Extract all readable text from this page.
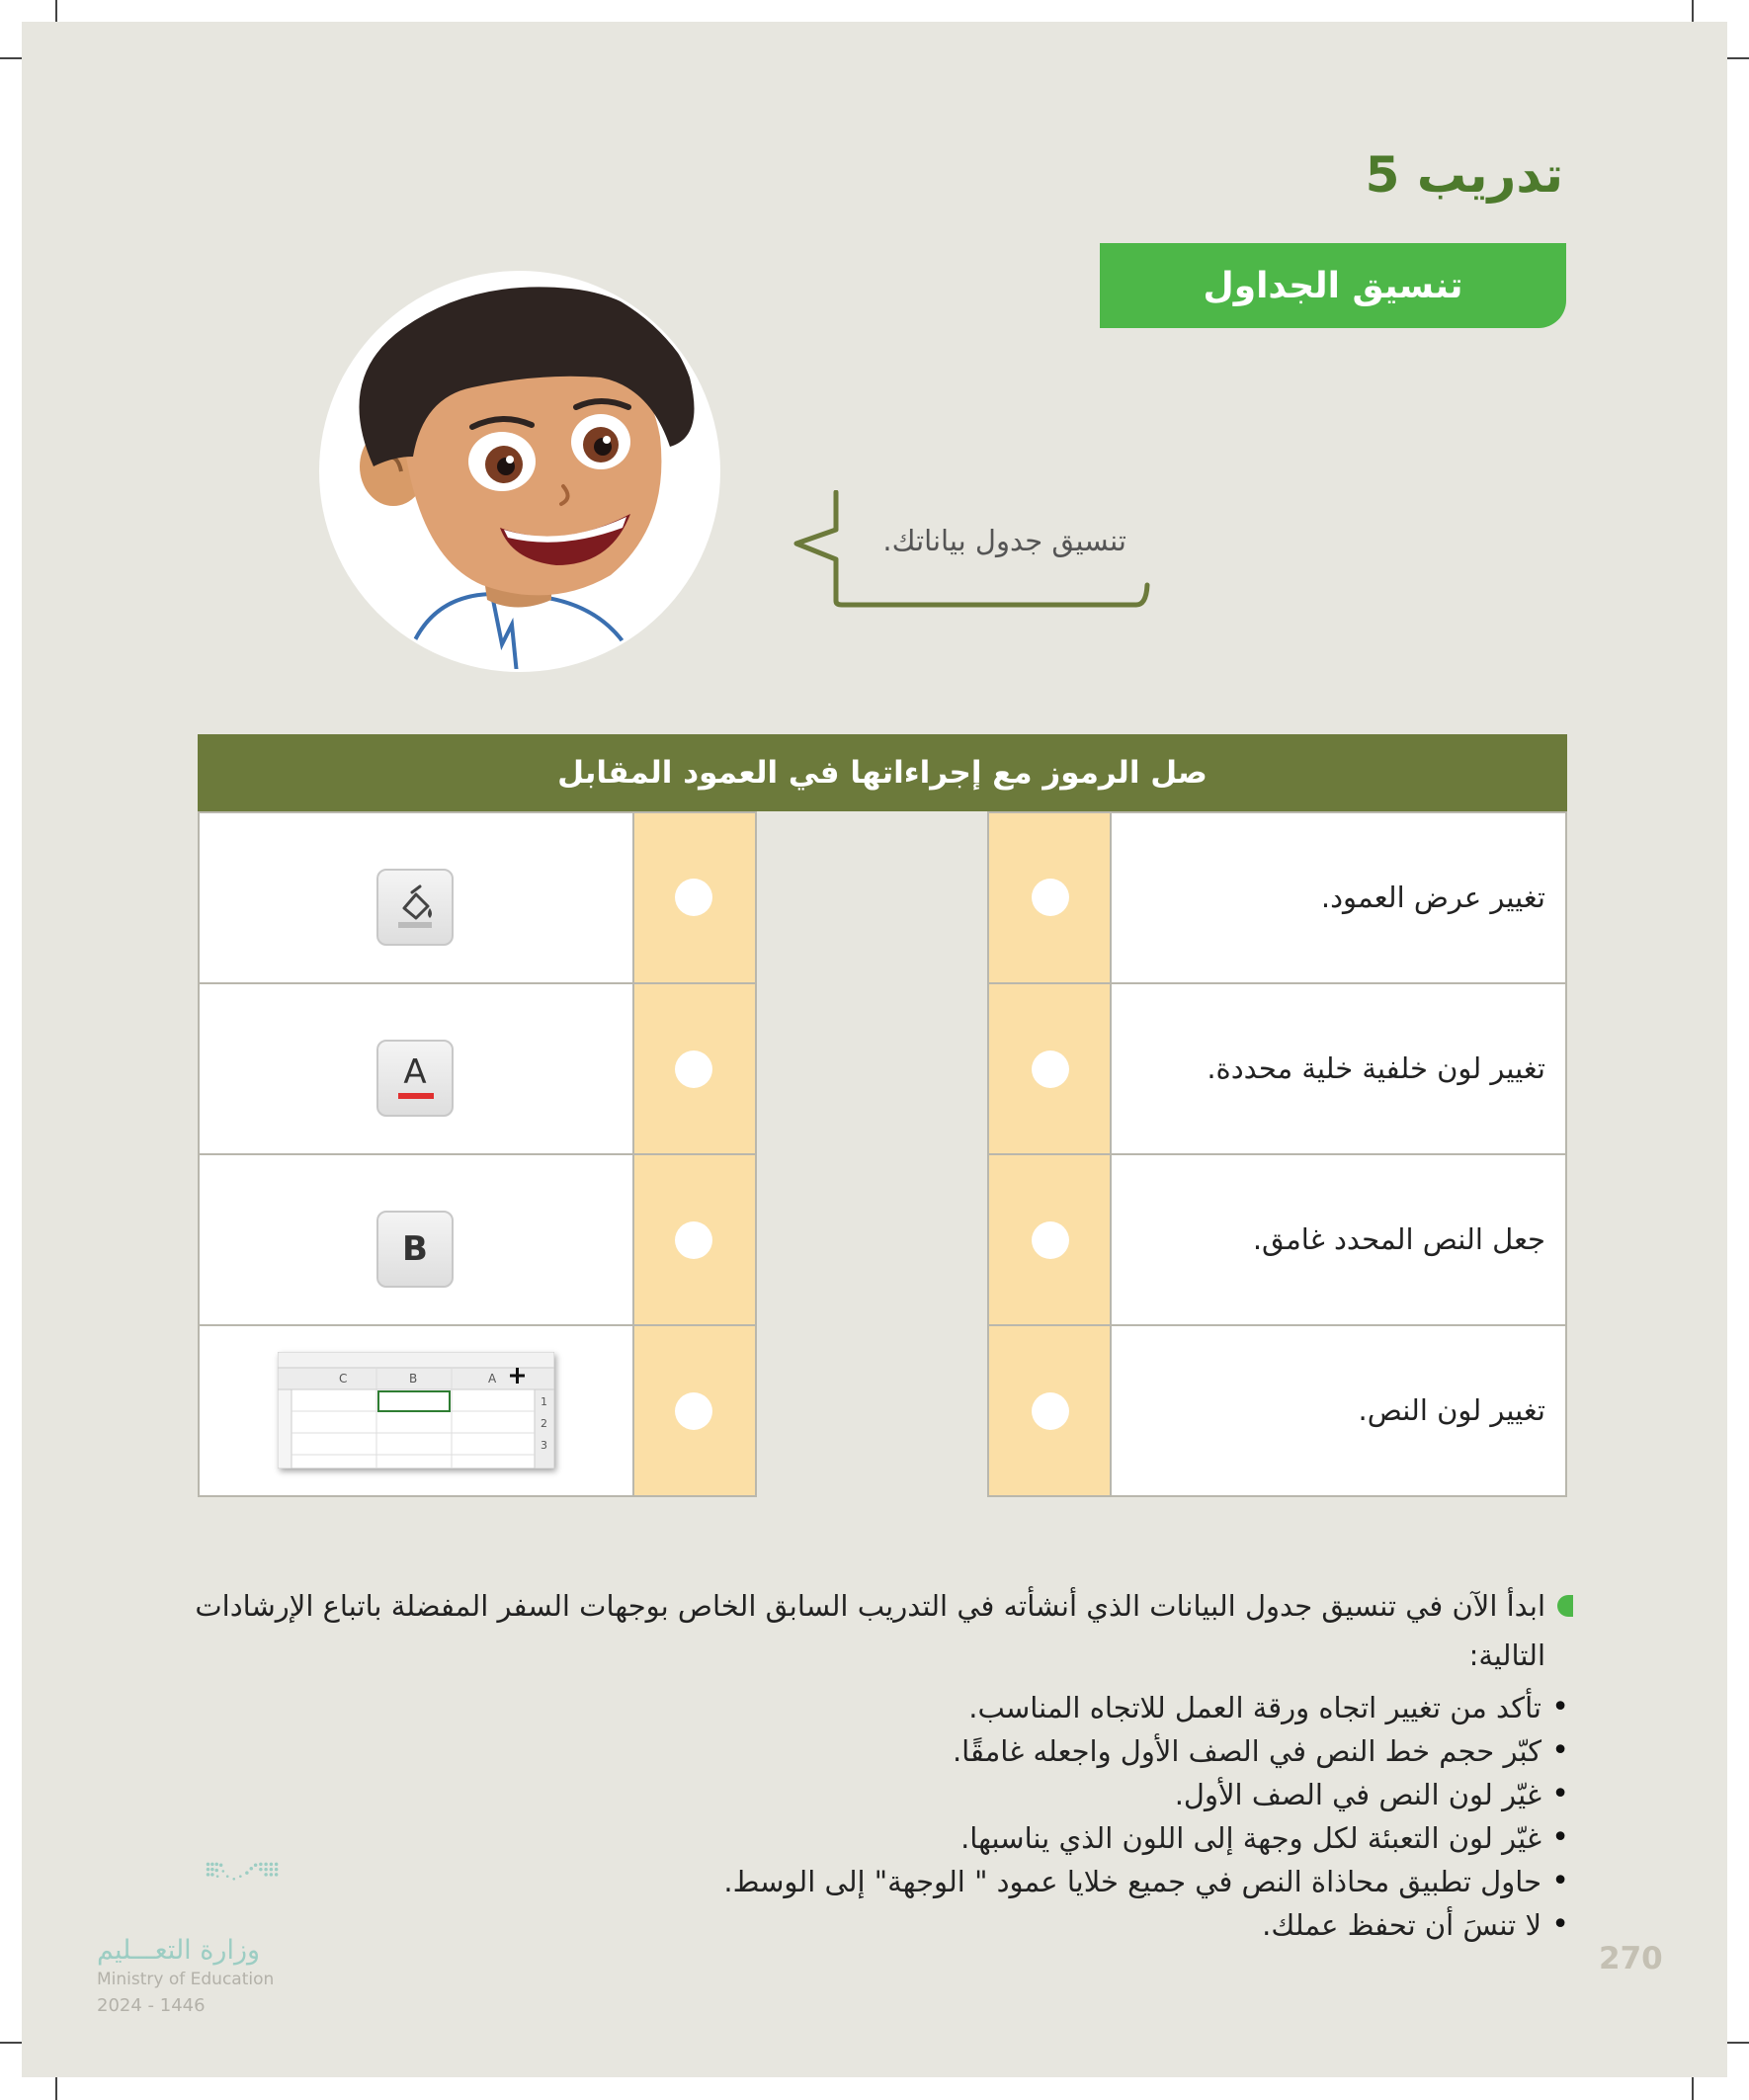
تدريب 5
تنسيق الجداول
تنسيق جدول بياناتك.
صل الرموز مع إجراءاتها في العمود المقابل
تغيير عرض العمود.
تغيير لون خلفية خلية محددة.
جعل النص المحدد غامق.
تغيير لون النص.
A
B
C	B	A
1
2
3
ابدأ الآن في تنسيق جدول البيانات الذي أنشأته في التدريب السابق الخاص بوجهات السفر المفضلة باتباع الإرشادات التالية:
• تأكد من تغيير اتجاه ورقة العمل للاتجاه المناسب.
• كبّر حجم خط النص في الصف الأول واجعله غامقًا.
• غيّر لون النص في الصف الأول.
• غيّر لون التعبئة لكل وجهة إلى اللون الذي يناسبها.
• حاول تطبيق محاذاة النص في جميع خلايا عمود " الوجهة" إلى الوسط.
• لا تنسَ أن تحفظ عملك.
270
وزارة التعـــليم
Ministry of Education
2024 - 1446
